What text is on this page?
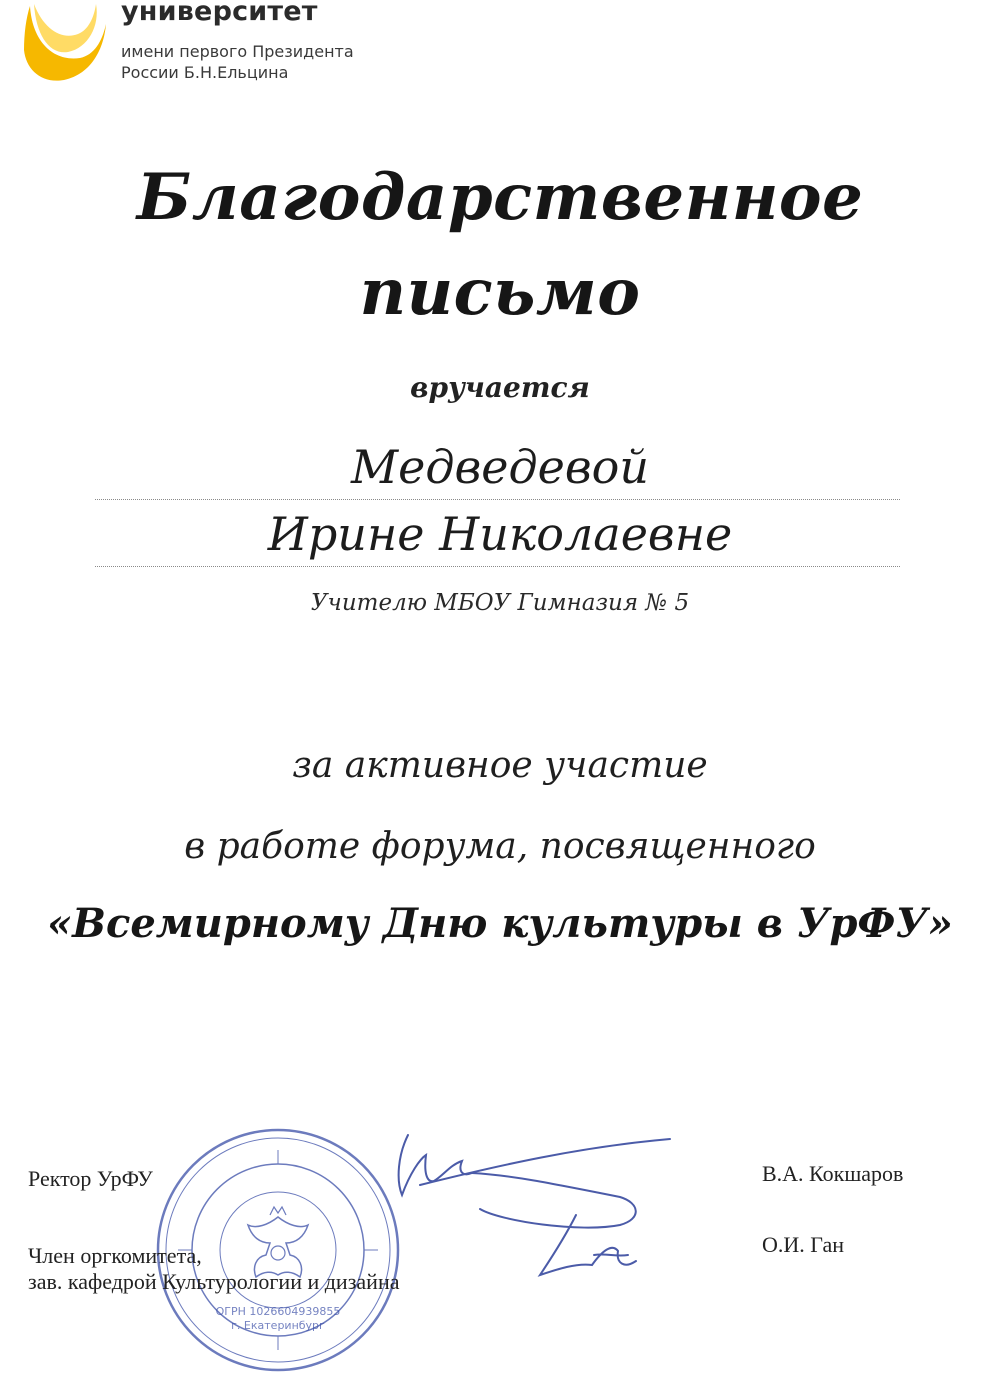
университет
имени первого Президента
России Б.Н.Ельцина
Благодарственное
письмо
вручается
Медведевой
Ирине Николаевне
Учителю МБОУ Гимназия № 5
за активное участие
в работе форума, посвященного
«Всемирному Дню культуры в УрФУ»
ОГРН 1026604939855
г. Екатеринбург
Ректор УрФУ	В.А. Кокшаров
Член оргкомитета,
зав. кафедрой Культурологии и дизайна
О.И. Ган
